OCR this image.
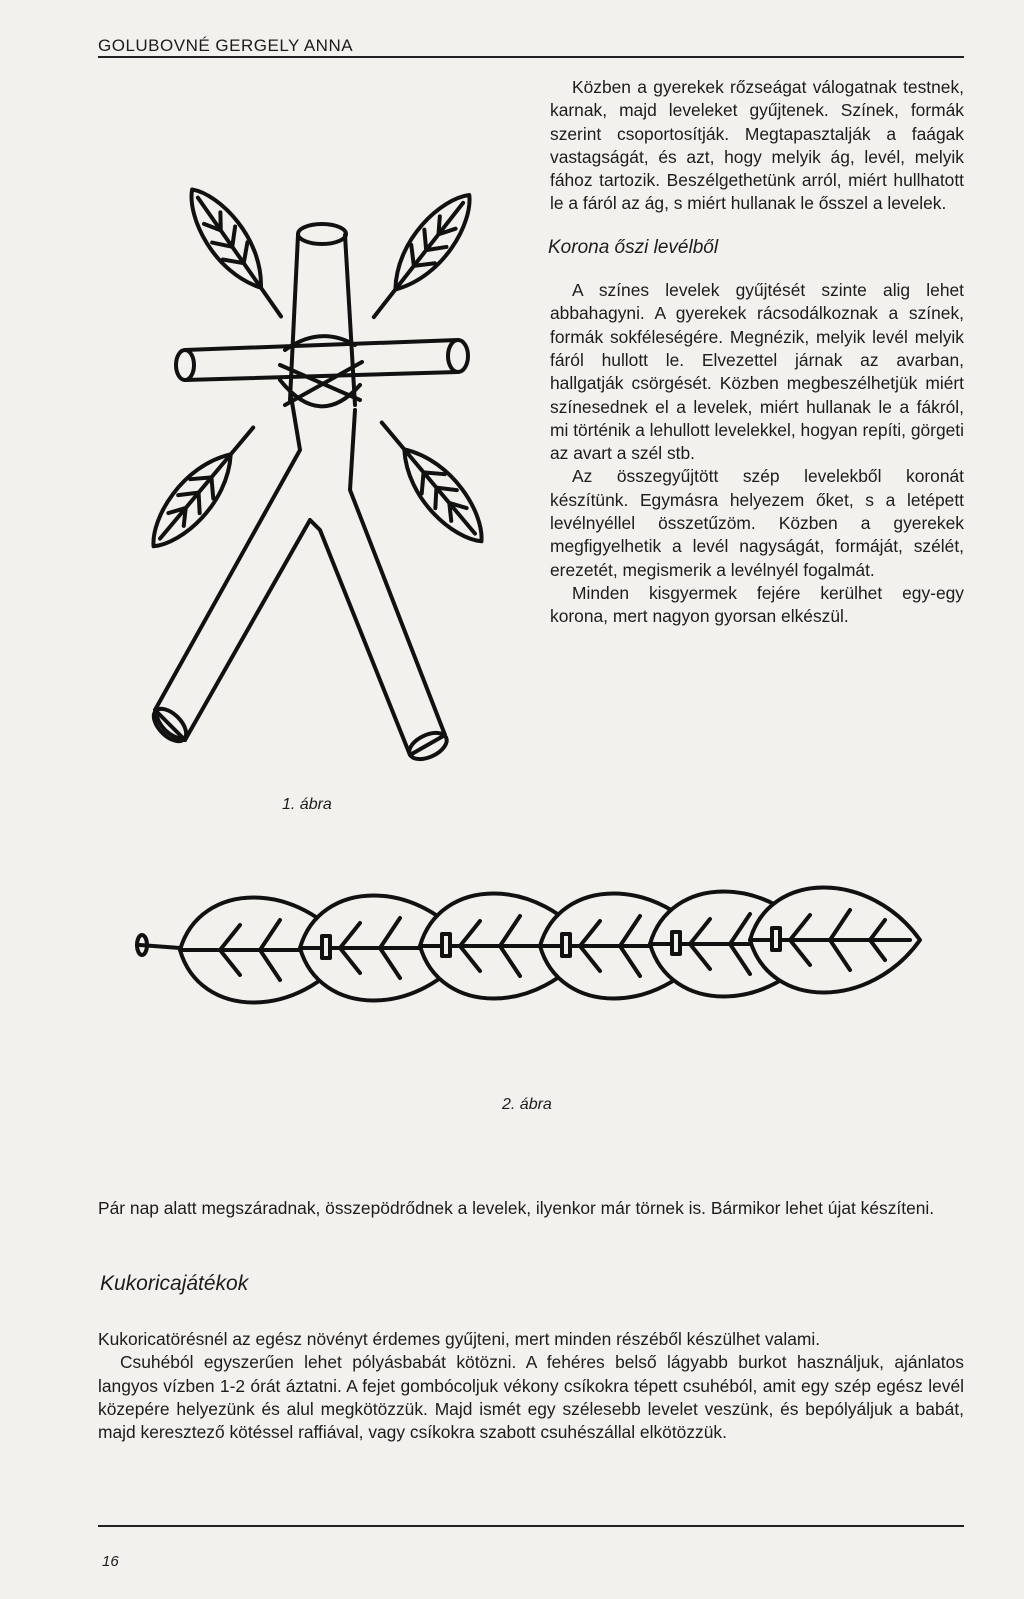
GOLUBOVNÉ GERGELY ANNA

Közben a gyerekek rőzseágat válogatnak testnek, karnak, majd leveleket gyűjtenek. Színek, formák szerint csoportosítják. Megtapasztalják a faágak vastagságát, és azt, hogy melyik ág, levél, melyik fához tartozik. Beszélgethetünk arról, miért hullhatott le a fáról az ág, s miért hullanak le ősszel a levelek.

Korona őszi levélből

A színes levelek gyűjtését szinte alig lehet abbahagyni. A gyerekek rácsodálkoznak a színek, formák sokféleségére. Megnézik, melyik levél melyik fáról hullott le. Elvezettel járnak az avarban, hallgatják csörgését. Közben megbeszélhetjük miért színesednek el a levelek, miért hullanak le a fákról, mi történik a lehullott levelekkel, hogyan repíti, görgeti az avart a szél stb.

Az összegyűjtött szép levelekből koronát készítünk. Egymásra helyezem őket, s a letépett levélnyéllel összetűzöm. Közben a gyerekek megfigyelhetik a levél nagyságát, formáját, szélét, erezetét, megismerik a levélnyél fogalmát.

Minden kisgyermek fejére kerülhet egy-egy korona, mert nagyon gyorsan elkészül.

1. ábra
2. ábra

Pár nap alatt megszáradnak, összepödrődnek a levelek, ilyenkor már törnek is. Bármikor lehet újat készíteni.

Kukoricajátékok

Kukoricatörésnél az egész növényt érdemes gyűjteni, mert minden részéből készülhet valami.

Csuhéból egyszerűen lehet pólyásbabát kötözni. A fehéres belső lágyabb burkot használjuk, ajánlatos langyos vízben 1-2 órát áztatni. A fejet gombócoljuk vékony csíkokra tépett csuhéból, amit egy szép egész levél közepére helyezünk és alul megkötözzük. Majd ismét egy szélesebb levelet veszünk, és bepólyáljuk a babát, majd keresztező kötéssel raffiával, vagy csíkokra szabott csuhészállal elkötözzük.

16
